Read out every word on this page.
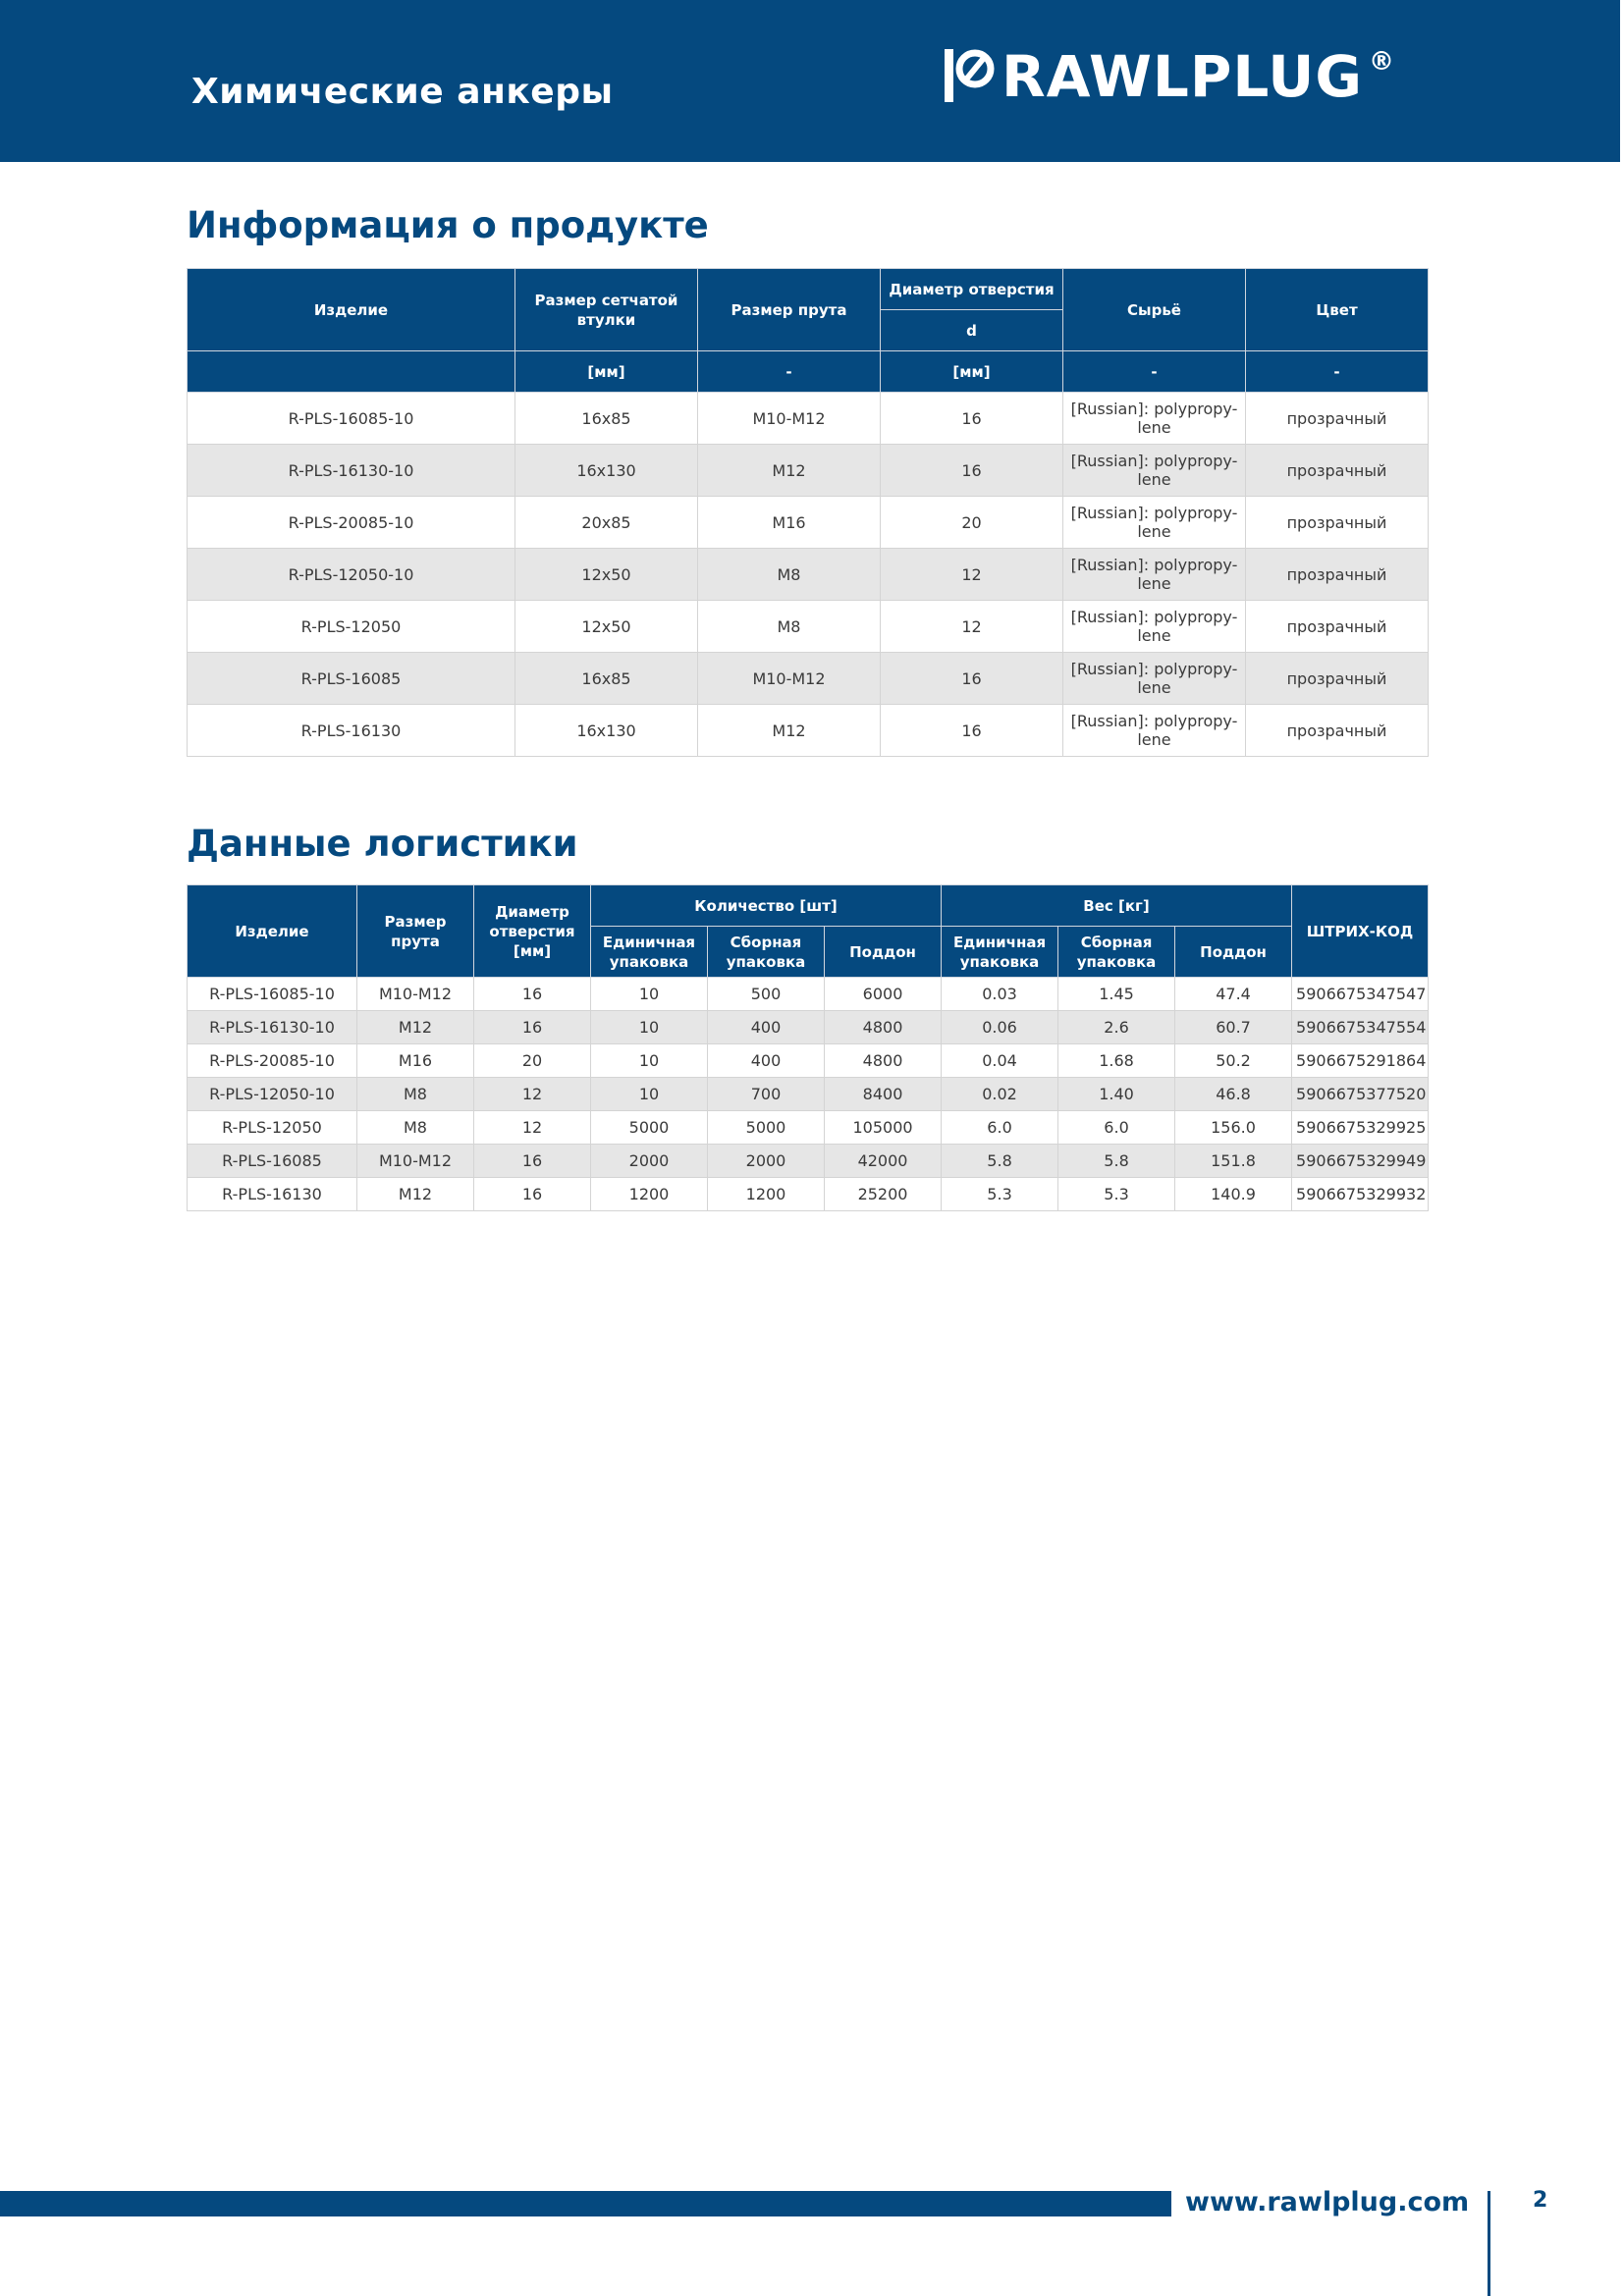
Химические анкеры	RAWLPLUG ®
Информация о продукте
Изделие	Размер сетчатой втулки	Размер прута	Диаметр отверстия	Сырьё	Цвет
			d		
	[мм]	-	[мм]	-	-
R-PLS-16085-10	16x85	M10-M12	16	[Russian]: polypropy-lene	прозрачный
R-PLS-16130-10	16x130	M12	16	[Russian]: polypropy-lene	прозрачный
R-PLS-20085-10	20x85	M16	20	[Russian]: polypropy-lene	прозрачный
R-PLS-12050-10	12x50	M8	12	[Russian]: polypropy-lene	прозрачный
R-PLS-12050	12x50	M8	12	[Russian]: polypropy-lene	прозрачный
R-PLS-16085	16x85	M10-M12	16	[Russian]: polypropy-lene	прозрачный
R-PLS-16130	16x130	M12	16	[Russian]: polypropy-lene	прозрачный
Данные логистики
Изделие	Размер прута	Диаметр отверстия [мм]	Количество [шт]			Вес [кг]			ШТРИХ-КОД
			Единичная упаковка	Сборная упаковка	Поддон	Единичная упаковка	Сборная упаковка	Поддон	
R-PLS-16085-10	M10-M12	16	10	500	6000	0.03	1.45	47.4	5906675347547
R-PLS-16130-10	M12	16	10	400	4800	0.06	2.6	60.7	5906675347554
R-PLS-20085-10	M16	20	10	400	4800	0.04	1.68	50.2	5906675291864
R-PLS-12050-10	M8	12	10	700	8400	0.02	1.40	46.8	5906675377520
R-PLS-12050	M8	12	5000	5000	105000	6.0	6.0	156.0	5906675329925
R-PLS-16085	M10-M12	16	2000	2000	42000	5.8	5.8	151.8	5906675329949
R-PLS-16130	M12	16	1200	1200	25200	5.3	5.3	140.9	5906675329932
www.rawlplug.com	2
